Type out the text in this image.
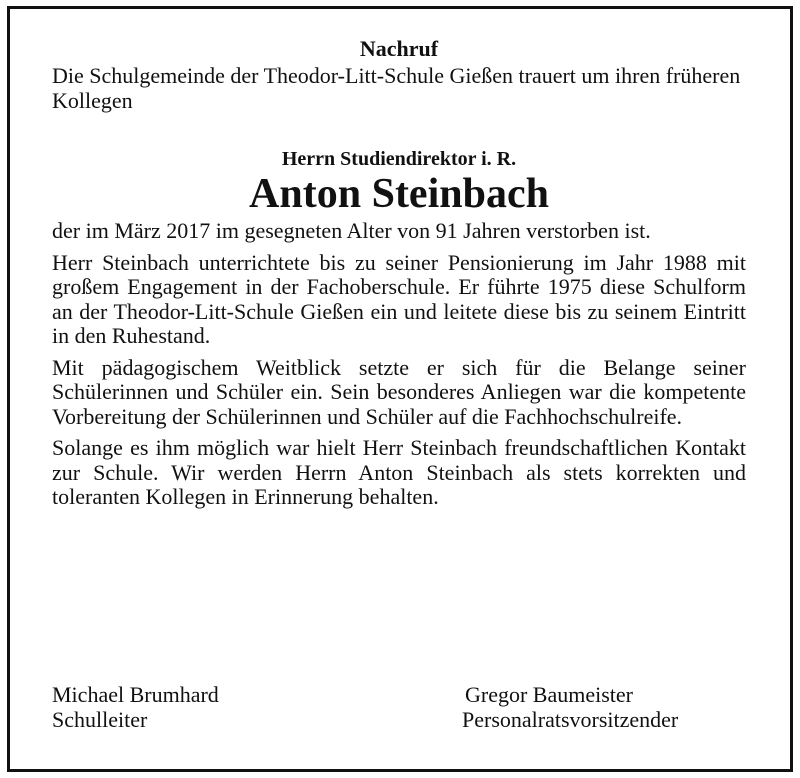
Nachruf

Die Schulgemeinde der Theodor-Litt-Schule Gießen trauert um ihren früheren Kollegen

Herrn Studiendirektor i. R.
Anton Steinbach

der im März 2017 im gesegneten Alter von 91 Jahren verstorben ist.

Herr Steinbach unterrichtete bis zu seiner Pensionierung im Jahr 1988 mit großem Engagement in der Fachoberschule. Er führte 1975 diese Schulform an der Theodor-Litt-Schule Gießen ein und leitete diese bis zu seinem Eintritt in den Ruhestand.

Mit pädagogischem Weitblick setzte er sich für die Belange seiner Schülerinnen und Schüler ein. Sein besonderes Anliegen war die kompetente Vorbereitung der Schülerinnen und Schüler auf die Fachhochschulreife.

Solange es ihm möglich war hielt Herr Steinbach freundschaftlichen Kontakt zur Schule. Wir werden Herrn Anton Steinbach als stets korrekten und toleranten Kollegen in Erinnerung behalten.

Michael Brumhard
Schulleiter
Gregor Baumeister
Personalratsvorsitzender
